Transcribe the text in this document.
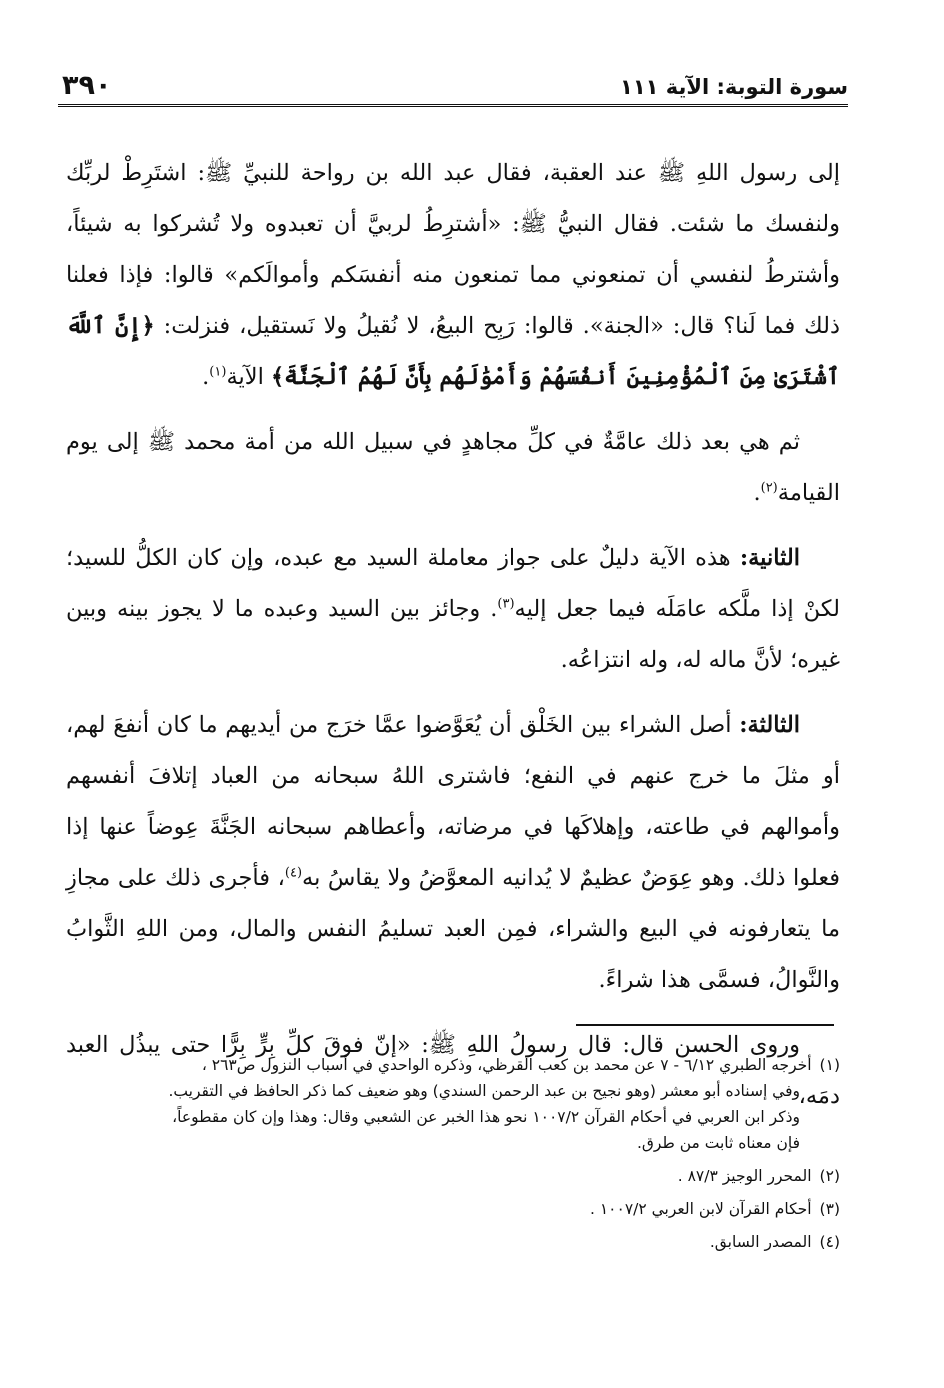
سورة التوبة: الآية ١١١
٣٩٠

إلى رسول اللهِ ﷺ عند العقبة، فقال عبد الله بن رواحة للنبيِّ ﷺ: اشتَرِطْ لربِّك ولنفسك ما شئت. فقال النبيُّ ﷺ: «أشترِطُ لربيَّ أن تعبدوه ولا تُشركوا به شيئاً، وأشترطُ لنفسي أن تمنعوني مما تمنعون منه أنفسَكم وأموالَكم» قالوا: فإذا فعلنا ذلك فما لَنا؟ قال: «الجنة». قالوا: رَبِح البيعُ، لا نُقيلُ ولا نَستقيل، فنزلت: ﴿إِنَّ ٱللَّهَ ٱشْتَرَىٰ مِنَ ٱلْمُؤْمِنِينَ أَنفُسَهُمْ وَأَمْوَٰلَهُم بِأَنَّ لَهُمُ ٱلْجَنَّةَ﴾ الآية$^{(١)}$.

ثم هي بعد ذلك عامَّةٌ في كلِّ مجاهدٍ في سبيل الله من أمة محمد ﷺ إلى يوم القيامة$^{(٢)}$.

الثانية: هذه الآية دليلٌ على جواز معاملة السيد مع عبده، وإن كان الكلُّ للسيد؛ لكنْ إذا ملَّكه عامَلَه فيما جعل إليه$^{(٣)}$. وجائز بين السيد وعبده ما لا يجوز بينه وبين غيره؛ لأنَّ ماله له، وله انتزاعُه.

الثالثة: أصل الشراء بين الخَلْق أن يُعَوَّضوا عمَّا خرَج من أيديهم ما كان أنفعَ لهم، أو مثلَ ما خرج عنهم في النفع؛ فاشترى اللهُ سبحانه من العباد إتلافَ أنفسهم وأموالهم في طاعته، وإهلاكَها في مرضاته، وأعطاهم سبحانه الجَنَّةَ عِوضاً عنها إذا فعلوا ذلك. وهو عِوَضٌ عظيمٌ لا يُدانيه المعوَّضُ ولا يقاسُ به$^{(٤)}$، فأجرى ذلك على مجازِ ما يتعارفونه في البيع والشراء، فمِن العبد تسليمُ النفس والمال، ومن اللهِ الثَّوابُ والنَّوالُ، فسمَّى هذا شراءً.

وروى الحسن قال: قال رسولُ اللهِ ﷺ: «إنّ فوقَ كلِّ بِرٍّ بِرًّا حتى يبذُل العبد دمَه،

(١)أخرجه الطبري ٦/١٢ - ٧ عن محمد بن كعب القرظي، وذكره الواحدي في أسباب النزول ص٢٦٣ ،
وفي إسناده أبو معشر (وهو نجيح بن عبد الرحمن السندي) وهو ضعيف كما ذكر الحافظ في التقريب.
وذكر ابن العربي في أحكام القرآن ١٠٠٧/٢ نحو هذا الخبر عن الشعبي وقال: وهذا وإن كان مقطوعاً،
فإن معناه ثابت من طرق.
(٢)المحرر الوجيز ٨٧/٣ .
(٣)أحكام القرآن لابن العربي ١٠٠٧/٢ .
(٤)المصدر السابق.
